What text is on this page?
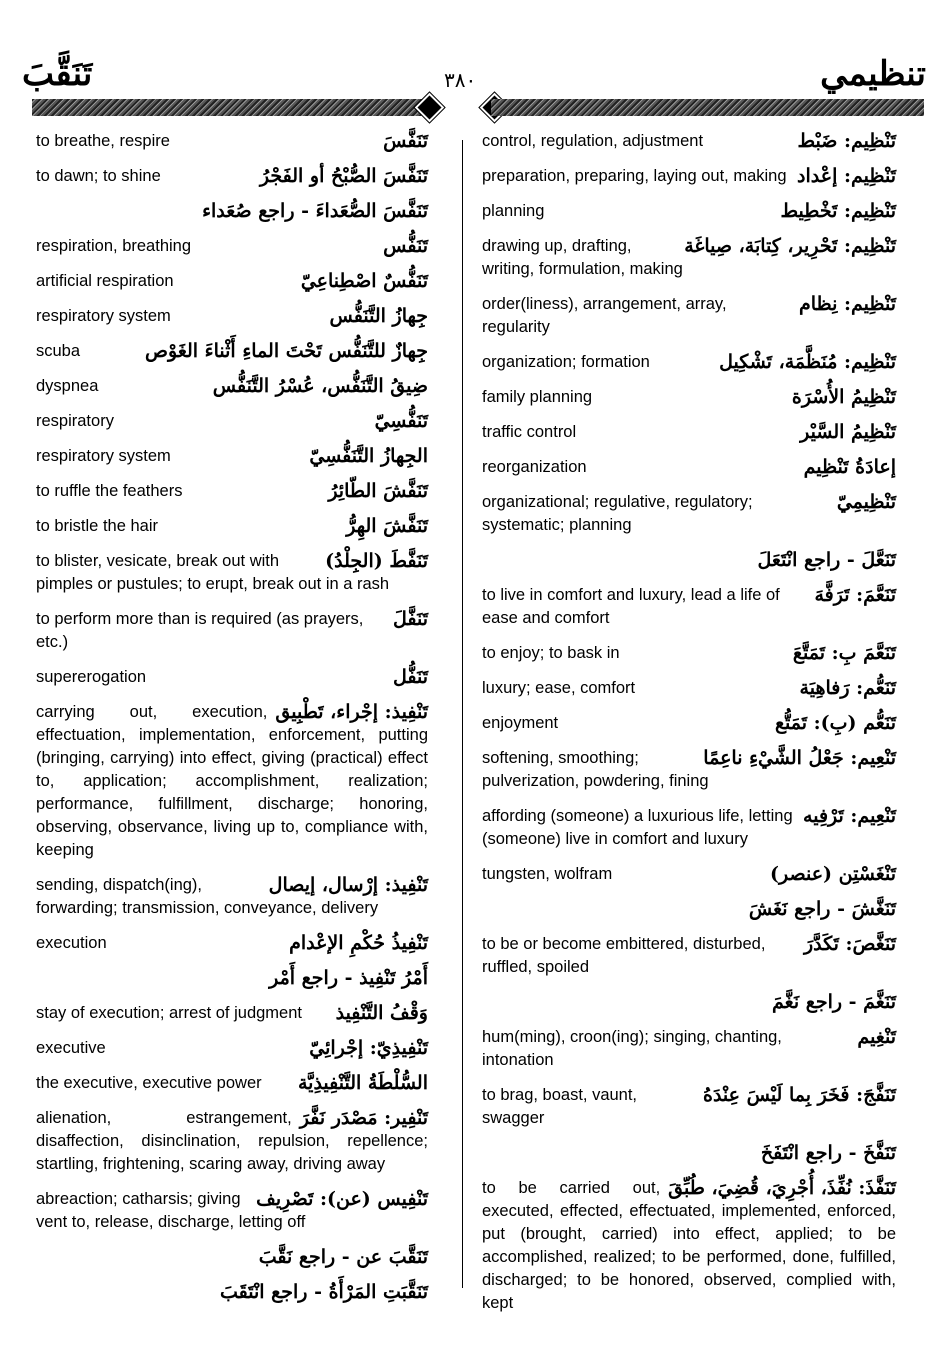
تَنَقَّبَ	٣٨٠	تنظيمي
تَنَفَّسَ
to breathe, respire
تَنَفَّسَ الصُّبْحُ أو الفَجْرُ
to dawn; to shine
تَنَفَّسَ الصُّعَداءَ - راجع صُعَداء
تَنَفُّس
respiration, breathing
تَنَفُّسٌ اصْطِناعِيّ
artificial respiration
جِهازُ التَّنَفُّس
respiratory system
جِهازٌ للتَّنَفُّس تَحْتَ الماءِ أَثْناءَ الغَوْص
scuba
ضِيقُ التَّنَفُّس، عُسْرُ التَّنَفُّس
dyspnea
تَنَفُّسِيّ
respiratory
الجِهازُ التَّنَفُّسِيّ
respiratory system
تَنَفَّشَ الطّائِرُ
to ruffle the feathers
تَنَفَّشَ الهِرُّ
to bristle the hair
تَنَفَّطَ (الجِلْدُ)
to blister, vesicate, break out with pimples or pustules; to erupt, break out in a rash
تَنَفَّلَ
to perform more than is required (as prayers, etc.)
تَنَفُّل
supererogation
تَنْفِيذ: إجْراء، تَطْبِيق
carrying out, execution, effectuation, implementation, enforcement, putting (bringing, carrying) into effect, giving (practical) effect to, application; accomplishment, realization; performance, fulfillment, discharge; honoring, observing, observance, living up to, compliance with, keeping
تَنْفِيذ: إرْسال، إيصال
sending, dispatch(ing), forwarding; transmission, conveyance, delivery
تَنْفِيذُ حُكْمِ الإعْدام
execution
أَمْرُ تَنْفِيذ - راجع أَمْر
وَقْفُ التَّنْفِيذ
stay of execution; arrest of judgment
تَنْفِيذِيّ: إجْرائِيّ
executive
السُّلْطَةُ التَّنْفِيذِيَّة
the executive, executive power
تَنْفِير: مَصْدَر نَفَّرَ
alienation, estrangement, disaffection, disinclination, repulsion, repellence; startling, frightening, scaring away, driving away
تَنْفِيس (عن): تَصْرِيف
abreaction; catharsis; giving vent to, release, discharge, letting off
تَنَقَّبَ عن - راجع نَقَّبَ
تَنَقَّبَتِ المَرْأَةُ - راجع انْتَقَبَ
تَنْظِيم: ضَبْط
control, regulation, adjustment
تَنْظِيم: إعْداد
preparation, preparing, laying out, making
تَنْظِيم: تَخْطِيط
planning
تَنْظِيم: تَحْرِير، كِتابَة، صِياغَة
drawing up, drafting, writing, formulation, making
تَنْظِيم: نِظام
order(liness), arrangement, array, regularity
تَنْظِيم: مُنَظَّمَة، تَشْكِيل
organization; formation
تَنْظِيمُ الأُسْرَة
family planning
تَنْظِيمُ السَّيْر
traffic control
إعادَةُ تَنْظِيم
reorganization
تَنْظِيمِيّ
organizational; regulative, regulatory; systematic; planning
تَنَعَّلَ - راجع انْتَعَلَ
تَنَعَّمَ: تَرَفَّهَ
to live in comfort and luxury, lead a life of ease and comfort
تَنَعَّمَ بِ: تَمَتَّعَ
to enjoy; to bask in
تَنَعُّم: رَفاهِيَة
luxury; ease, comfort
تَنَعُّم (بِ): تَمَتُّع
enjoyment
تَنْعِيم: جَعْلُ الشَّيْءِ ناعِمًا
softening, smoothing; pulverization, powdering, fining
تَنْعِيم: تَرْفِيه
affording (someone) a luxurious life, letting (someone) live in comfort and luxury
تَنْغَسْتِن (عنصر)
tungsten, wolfram
تَنَغَّشَ - راجع نَغَشَ
تَنَغَّصَ: تَكَدَّرَ
to be or become embittered, disturbed, ruffled, spoiled
تَنَغَّمَ - راجع نَغَّمَ
تَنْغِيم
hum(ming), croon(ing); singing, chanting, intonation
تَنَفَّجَ: فَخَرَ بِما لَيْسَ عِنْدَهُ
to brag, boast, vaunt, swagger
تَنَفَّخَ - راجع انْتَفَخَ
تَنَفَّذَ: نُفِّذَ، أُجْرِيَ، قُضِيَ، طُبِّقَ
to be carried out, executed, effected, effectuated, implemented, enforced, put (brought, carried) into effect, applied; to be accomplished, realized; to be performed, done, fulfilled, discharged; to be honored, observed, complied with, kept
